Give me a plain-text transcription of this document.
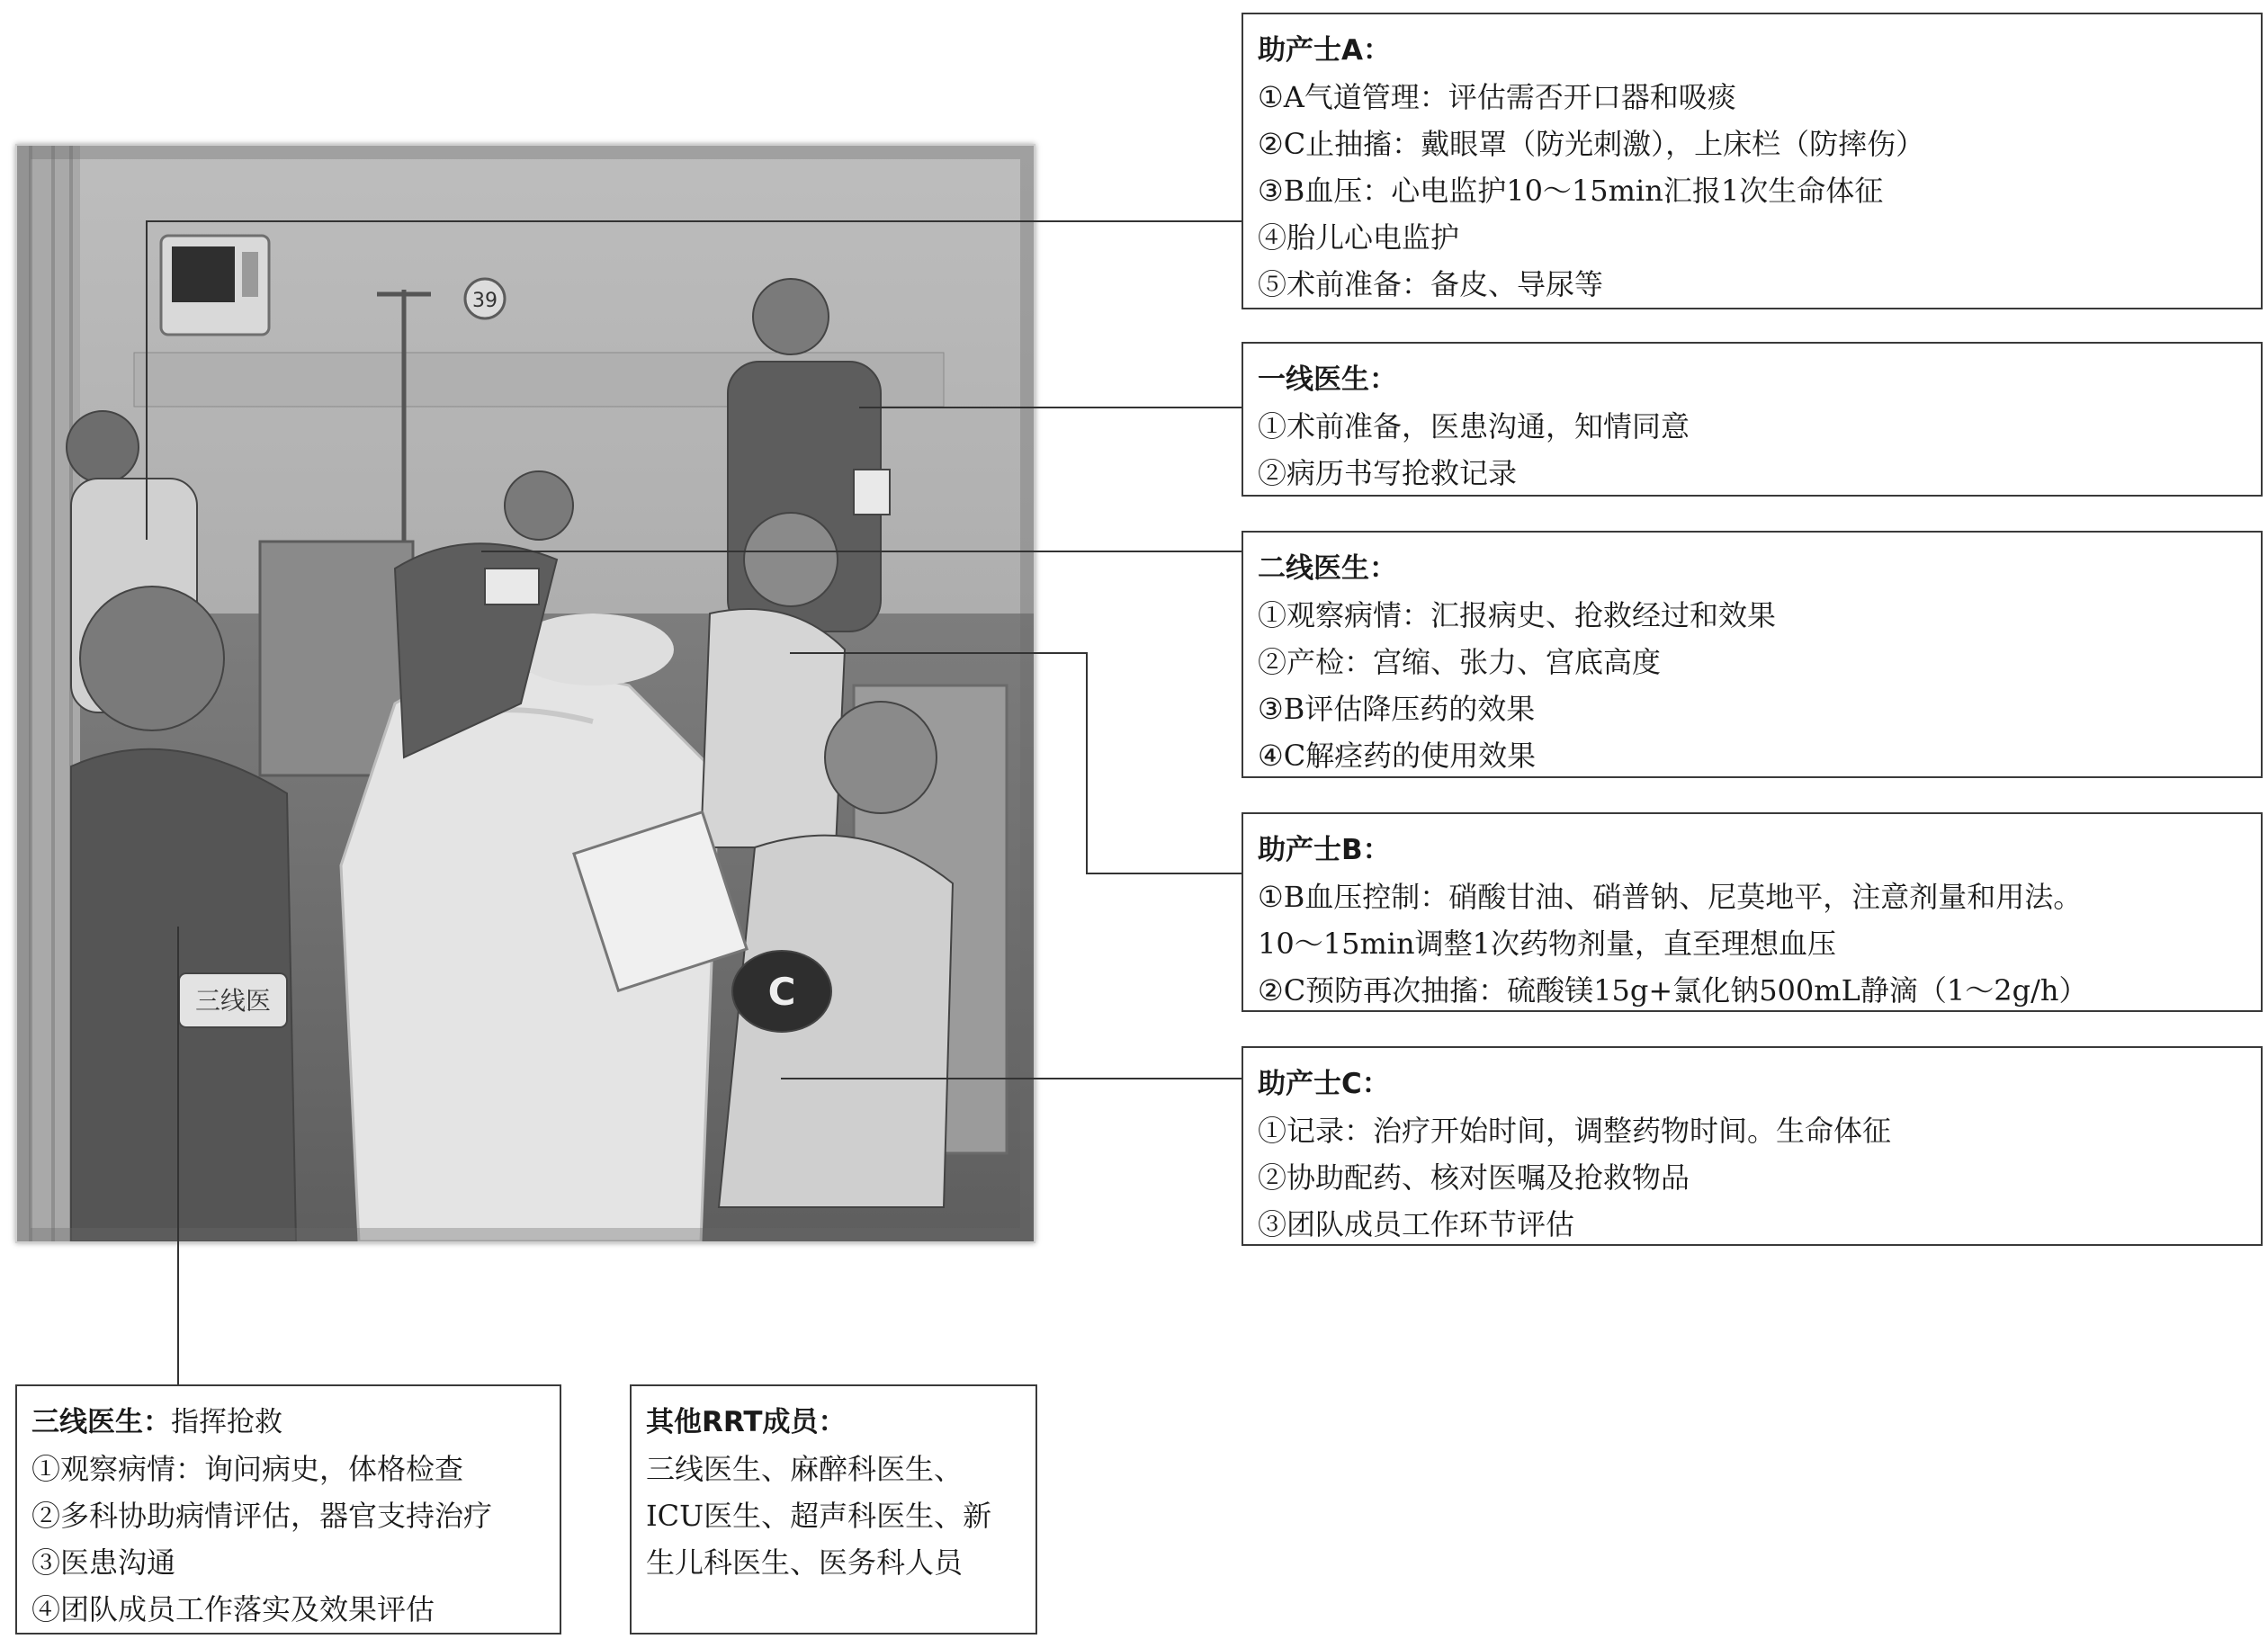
39
C
三线医
助产士A：
①A气道管理：评估需否开口器和吸痰
②C止抽搐：戴眼罩（防光刺激），上床栏（防摔伤）
③B血压：心电监护10～15min汇报1次生命体征
④胎儿心电监护
⑤术前准备：备皮、导尿等
一线医生：
①术前准备，医患沟通，知情同意
②病历书写抢救记录
二线医生：
①观察病情：汇报病史、抢救经过和效果
②产检：宫缩、张力、宫底高度
③B评估降压药的效果
④C解痉药的使用效果
助产士B：
①B血压控制：硝酸甘油、硝普钠、尼莫地平，注意剂量和用法。
10～15min调整1次药物剂量，直至理想血压
②C预防再次抽搐：硫酸镁15g+氯化钠500mL静滴（1～2g/h）
助产士C：
①记录：治疗开始时间，调整药物时间。生命体征
②协助配药、核对医嘱及抢救物品
③团队成员工作环节评估
三线医生：指挥抢救
①观察病情：询问病史，体格检查
②多科协助病情评估，器官支持治疗
③医患沟通
④团队成员工作落实及效果评估
其他RRT成员：
三线医生、麻醉科医生、
ICU医生、超声科医生、新
生儿科医生、医务科人员
